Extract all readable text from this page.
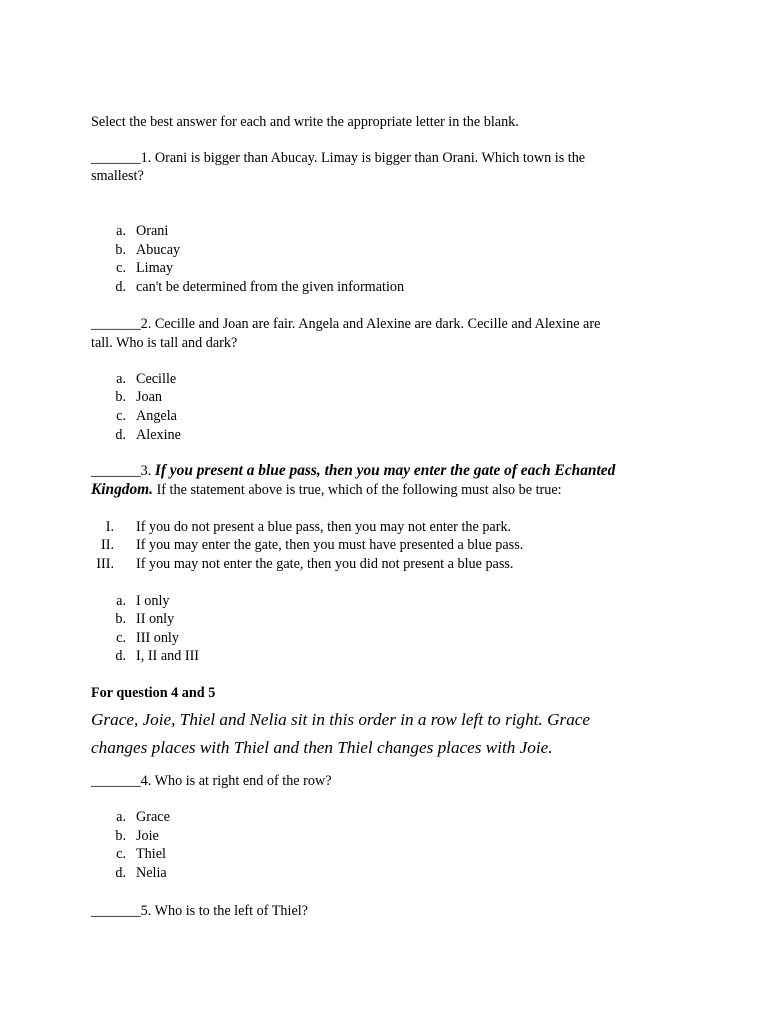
Select the best answer for each and write the appropriate letter in the blank.
_______1. Orani is bigger than Abucay. Limay is bigger than Orani. Which town is the
smallest?
a. Orani
b. Abucay
c. Limay
d. can't be determined from the given information
_______2. Cecille and Joan are fair. Angela and Alexine are dark. Cecille and Alexine are
tall. Who is tall and dark?
a. Cecille
b. Joan
c. Angela
d. Alexine
_______3. If you present a blue pass, then you may enter the gate of each Echanted
Kingdom. If the statement above is true, which of the following must also be true:
I. If you do not present a blue pass, then you may not enter the park.
II. If you may enter the gate, then you must have presented a blue pass.
III. If you may not enter the gate, then you did not present a blue pass.
a. I only
b. II only
c. III only
d. I, II and III
For question 4 and 5
Grace, Joie, Thiel and Nelia sit in this order in a row left to right. Grace
changes places with Thiel and then Thiel changes places with Joie.
_______4. Who is at right end of the row?
a. Grace
b. Joie
c. Thiel
d. Nelia
_______5. Who is to the left of Thiel?
